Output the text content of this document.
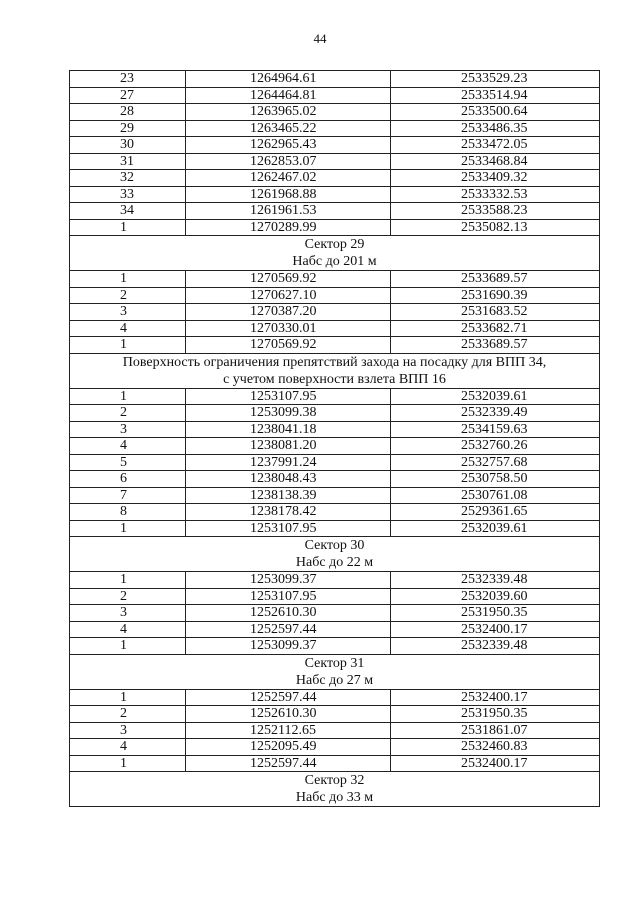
44
23	1264964.61	2533529.23
27	1264464.81	2533514.94
28	1263965.02	2533500.64
29	1263465.22	2533486.35
30	1262965.43	2533472.05
31	1262853.07	2533468.84
32	1262467.02	2533409.32
33	1261968.88	2533332.53
34	1261961.53	2533588.23
1	1270289.99	2535082.13

Сектор 29
Набс до 201 м		

1	1270569.92	2533689.57
2	1270627.10	2531690.39
3	1270387.20	2531683.52
4	1270330.01	2533682.71
1	1270569.92	2533689.57

Поверхность ограничения препятствий захода на посадку для ВПП 34,
с учетом поверхности взлета ВПП 16		

1	1253107.95	2532039.61
2	1253099.38	2532339.49
3	1238041.18	2534159.63
4	1238081.20	2532760.26
5	1237991.24	2532757.68
6	1238048.43	2530758.50
7	1238138.39	2530761.08
8	1238178.42	2529361.65
1	1253107.95	2532039.61

Сектор 30
Набс до 22 м		

1	1253099.37	2532339.48
2	1253107.95	2532039.60
3	1252610.30	2531950.35
4	1252597.44	2532400.17
1	1253099.37	2532339.48

Сектор 31
Набс до 27 м		

1	1252597.44	2532400.17
2	1252610.30	2531950.35
3	1252112.65	2531861.07
4	1252095.49	2532460.83
1	1252597.44	2532400.17

Сектор 32
Набс до 33 м		
